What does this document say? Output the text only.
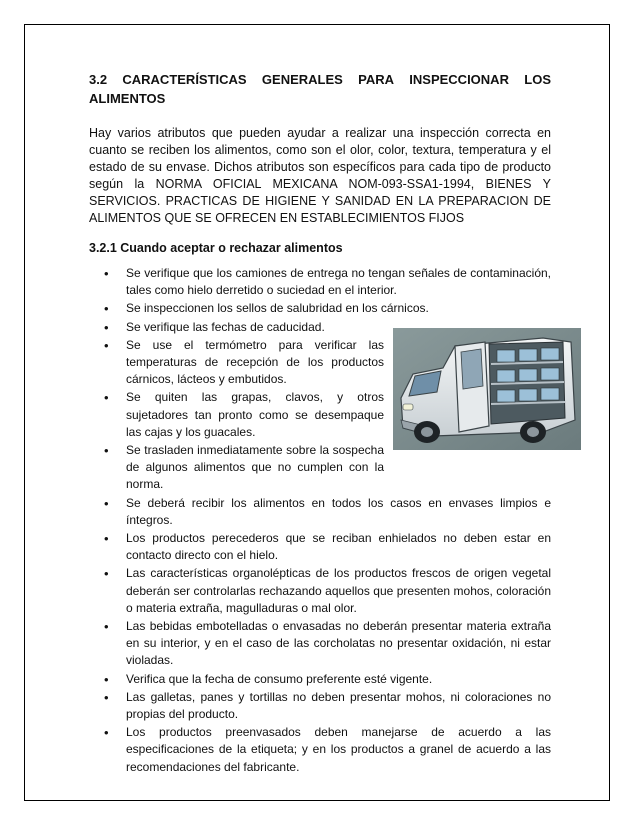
3.2 CARACTERÍSTICAS GENERALES PARA INSPECCIONAR LOS
ALIMENTOS

Hay varios atributos que pueden ayudar a realizar una inspección correcta en cuanto se reciben los alimentos, como son el olor, color, textura, temperatura y el estado de su envase. Dichos atributos son específicos para cada tipo de producto según la NORMA OFICIAL MEXICANA NOM-093-SSA1-1994, BIENES Y SERVICIOS. PRACTICAS DE HIGIENE Y SANIDAD EN LA PREPARACION DE ALIMENTOS QUE SE OFRECEN EN ESTABLECIMIENTOS FIJOS

3.2.1 Cuando aceptar o rechazar alimentos

• Se verifique que los camiones de entrega no tengan señales de contaminación, tales como hielo derretido o suciedad en el interior.
• Se inspeccionen los sellos de salubridad en los cárnicos.
• Se verifique las fechas de caducidad.
• Se use el termómetro para verificar las temperaturas de recepción de los productos cárnicos, lácteos y embutidos.
• Se quiten las grapas, clavos, y otros sujetadores tan pronto como se desempaque las cajas y los guacales.
• Se trasladen inmediatamente sobre la sospecha de algunos alimentos que no cumplen con la norma.
• Se deberá recibir los alimentos en todos los casos en envases limpios e íntegros.
• Los productos perecederos que se reciban enhielados no deben estar en contacto directo con el hielo.
• Las características organolépticas de los productos frescos de origen vegetal deberán ser controlarlas rechazando aquellos que presenten mohos, coloración o materia extraña, magulladuras o mal olor.
• Las bebidas embotelladas o envasadas no deberán presentar materia extraña en su interior, y en el caso de las corcholatas no presentar oxidación, ni estar violadas.
• Verifica que la fecha de consumo preferente esté vigente.
• Las galletas, panes y tortillas no deben presentar mohos, ni coloraciones no propias del producto.
• Los productos preenvasados deben manejarse de acuerdo a las especificaciones de la etiqueta; y en los productos a granel de acuerdo a las recomendaciones del fabricante.
